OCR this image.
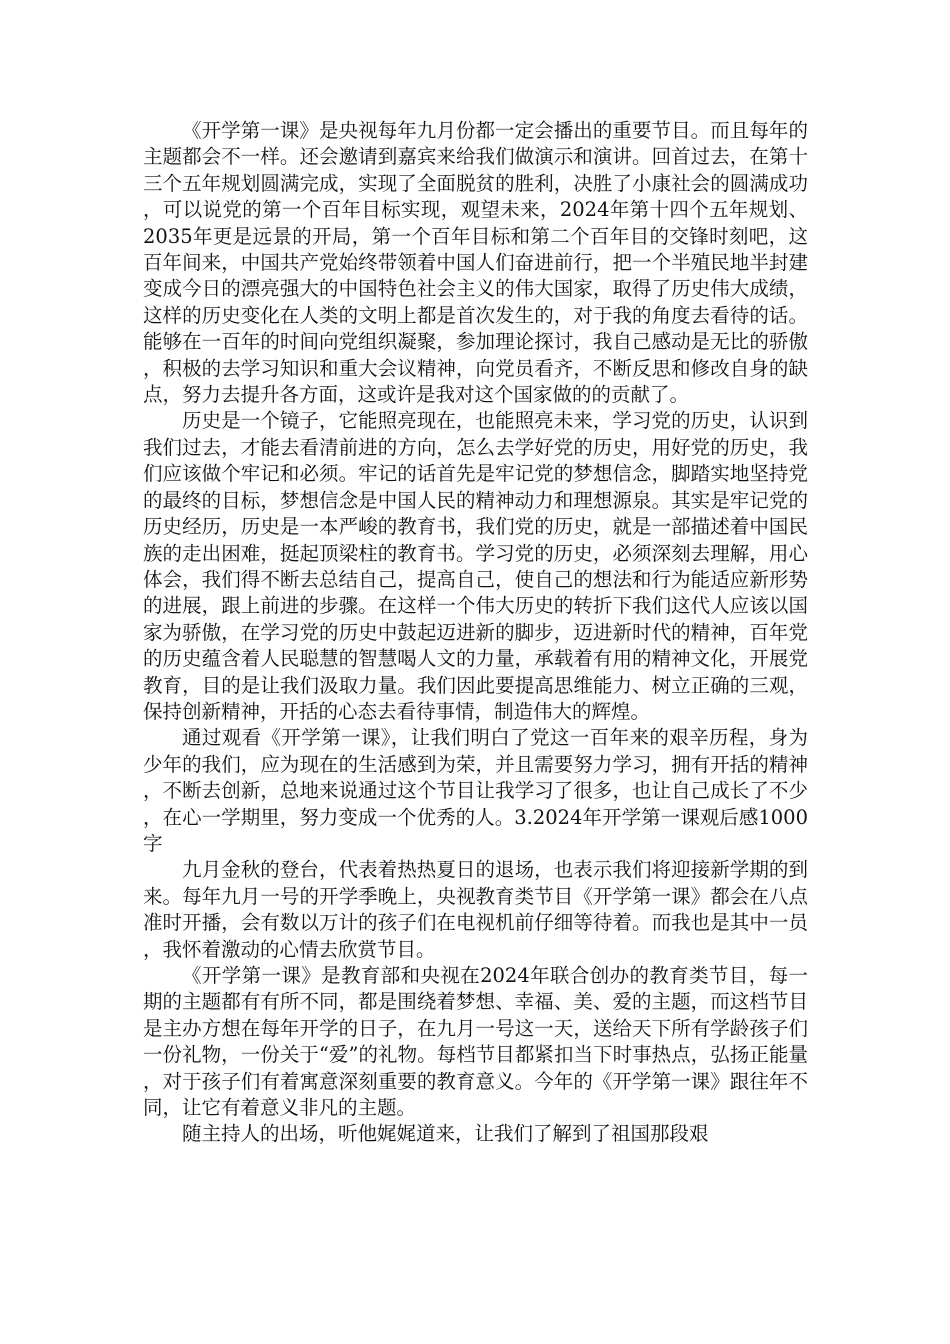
《开学第一课》是央视每年九月份都一定会播出的重要节目。而且每年的主题都会不一样。还会邀请到嘉宾来给我们做演示和演讲。回首过去，在第十三个五年规划圆满完成，实现了全面脱贫的胜利，决胜了小康社会的圆满成功，可以说党的第一个百年目标实现，观望未来，2024年第十四个五年规划、2035年更是远景的开局，第一个百年目标和第二个百年目的交锋时刻吧，这百年间来，中国共产党始终带领着中国人们奋进前行，把一个半殖民地半封建变成今日的漂亮强大的中国特色社会主义的伟大国家，取得了历史伟大成绩，这样的历史变化在人类的文明上都是首次发生的，对于我的角度去看待的话。能够在一百年的时间向党组织凝聚，参加理论探讨，我自己感动是无比的骄傲，积极的去学习知识和重大会议精神，向党员看齐，不断反思和修改自身的缺点，努力去提升各方面，这或许是我对这个国家做的的贡献了。

历史是一个镜子，它能照亮现在，也能照亮未来，学习党的历史，认识到我们过去，才能去看清前进的方向，怎么去学好党的历史，用好党的历史，我们应该做个牢记和必须。牢记的话首先是牢记党的梦想信念，脚踏实地坚持党的最终的目标，梦想信念是中国人民的精神动力和理想源泉。其实是牢记党的历史经历，历史是一本严峻的教育书，我们党的历史，就是一部描述着中国民族的走出困难，挺起顶梁柱的教育书。学习党的历史，必须深刻去理解，用心体会，我们得不断去总结自己，提高自己，使自己的想法和行为能适应新形势的进展，跟上前进的步骤。在这样一个伟大历史的转折下我们这代人应该以国家为骄傲，在学习党的历史中鼓起迈进新的脚步，迈进新时代的精神，百年党的历史蕴含着人民聪慧的智慧喝人文的力量，承载着有用的精神文化，开展党教育，目的是让我们汲取力量。我们因此要提高思维能力、树立正确的三观，保持创新精神，开括的心态去看待事情，制造伟大的辉煌。

通过观看《开学第一课》，让我们明白了党这一百年来的艰辛历程，身为少年的我们，应为现在的生活感到为荣，并且需要努力学习，拥有开括的精神，不断去创新，总地来说通过这个节目让我学习了很多，也让自己成长了不少，在心一学期里，努力变成一个优秀的人。3.2024年开学第一课观后感1000字

九月金秋的登台，代表着热热夏日的退场，也表示我们将迎接新学期的到来。每年九月一号的开学季晚上，央视教育类节目《开学第一课》都会在八点准时开播，会有数以万计的孩子们在电视机前仔细等待着。而我也是其中一员，我怀着激动的心情去欣赏节目。

《开学第一课》是教育部和央视在2024年联合创办的教育类节目，每一期的主题都有有所不同，都是围绕着梦想、幸福、美、爱的主题，而这档节目是主办方想在每年开学的日子，在九月一号这一天，送给天下所有学龄孩子们一份礼物，一份关于“爱”的礼物。每档节目都紧扣当下时事热点，弘扬正能量，对于孩子们有着寓意深刻重要的教育意义。今年的《开学第一课》跟往年不同，让它有着意义非凡的主题。

随主持人的出场，听他娓娓道来，让我们了解到了祖国那段艰
